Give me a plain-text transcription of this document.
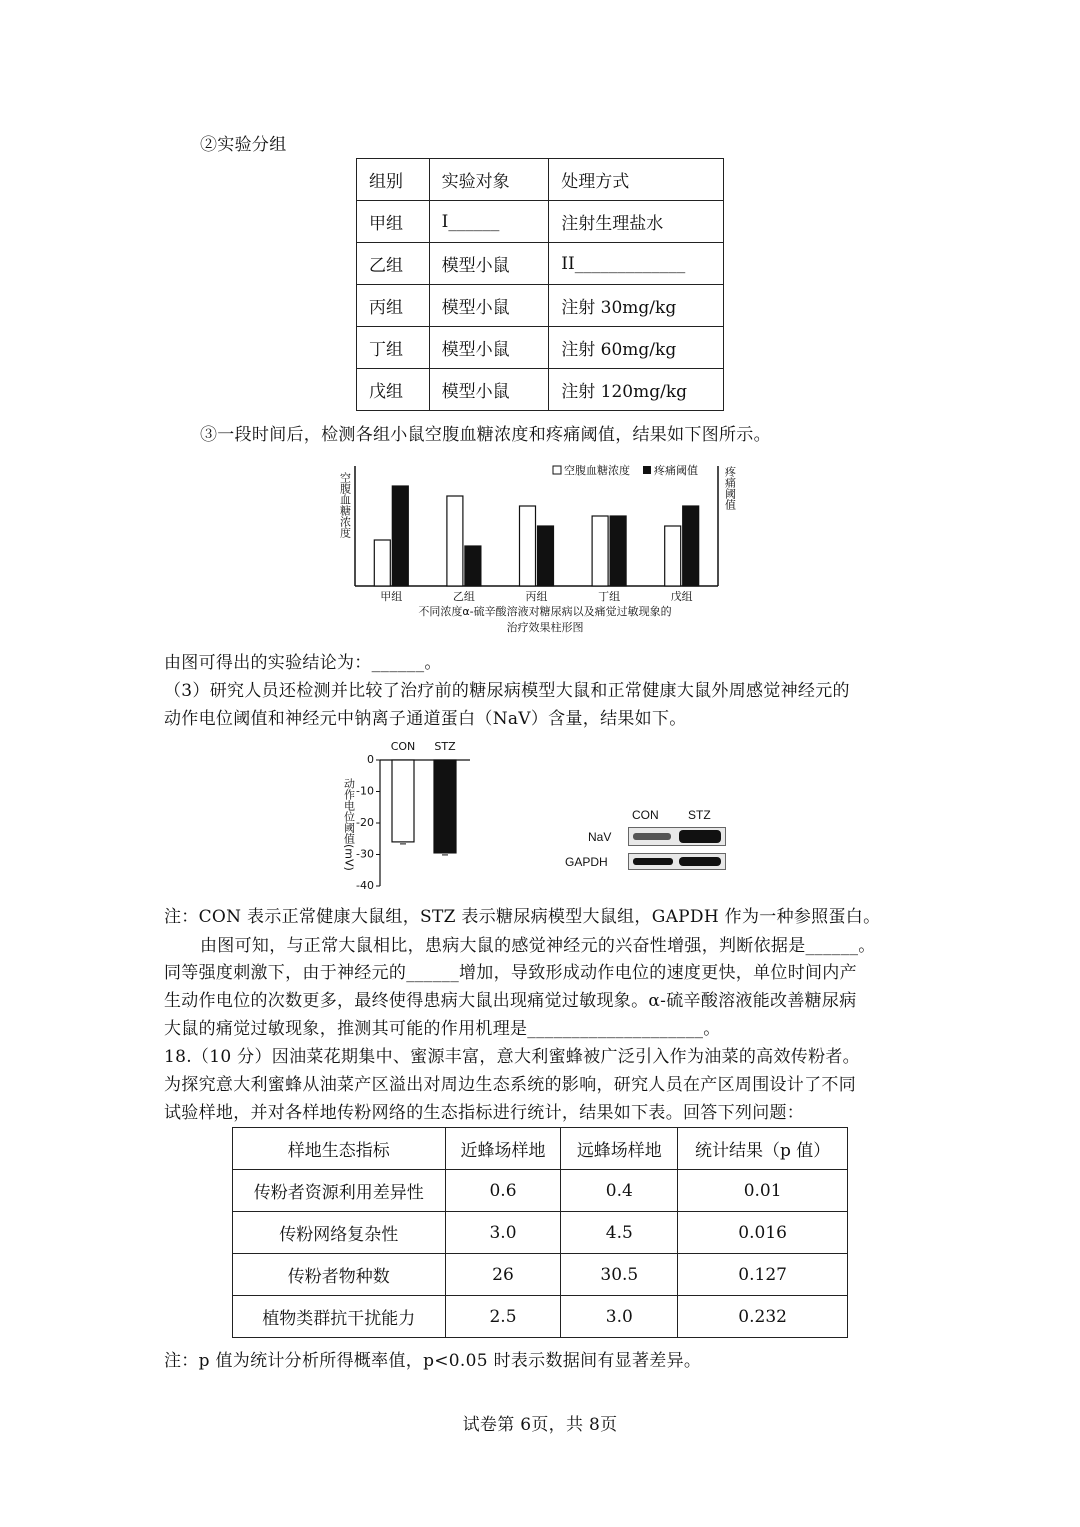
②实验分组
组别	实验对象	处理方式
甲组	I______	注射生理盐水
乙组	模型小鼠	II_____________
丙组	模型小鼠	注射 30mg/kg
丁组	模型小鼠	注射 60mg/kg
戊组	模型小鼠	注射 120mg/kg
③一段时间后，检测各组小鼠空腹血糖浓度和疼痛阈值，结果如下图所示。
空腹血糖浓度	疼痛阈值
甲组	乙组	丙组	丁组	戊组
空腹血糖浓度 疼痛阈值
不同浓度α-硫辛酸溶液对糖尿病以及痛觉过敏现象的
治疗效果柱形图
由图可得出的实验结论为：______。
（3）研究人员还检测并比较了治疗前的糖尿病模型大鼠和正常健康大鼠外周感觉神经元的
动作电位阈值和神经元中钠离子通道蛋白（NaV）含量，结果如下。
动作电位阈值(mV)
0
-10
-20
-30
-40
CON STZ
CON STZ
NaV
GAPDH
注：CON 表示正常健康大鼠组，STZ 表示糖尿病模型大鼠组，GAPDH 作为一种参照蛋白。
由图可知，与正常大鼠相比，患病大鼠的感觉神经元的兴奋性增强，判断依据是______。
同等强度刺激下，由于神经元的______增加，导致形成动作电位的速度更快，单位时间内产
生动作电位的次数更多，最终使得患病大鼠出现痛觉过敏现象。α-硫辛酸溶液能改善糖尿病
大鼠的痛觉过敏现象，推测其可能的作用机理是____________________。
18.（10 分）因油菜花期集中、蜜源丰富，意大利蜜蜂被广泛引入作为油菜的高效传粉者。
为探究意大利蜜蜂从油菜产区溢出对周边生态系统的影响，研究人员在产区周围设计了不同
试验样地，并对各样地传粉网络的生态指标进行统计，结果如下表。回答下列问题：
样地生态指标	近蜂场样地	远蜂场样地	统计结果（p 值）
传粉者资源利用差异性	0.6	0.4	0.01
传粉网络复杂性	3.0	4.5	0.016
传粉者物种数	26	30.5	0.127
植物类群抗干扰能力	2.5	3.0	0.232
注：p 值为统计分析所得概率值，p<0.05 时表示数据间有显著差异。
试卷第 6页，共 8页
